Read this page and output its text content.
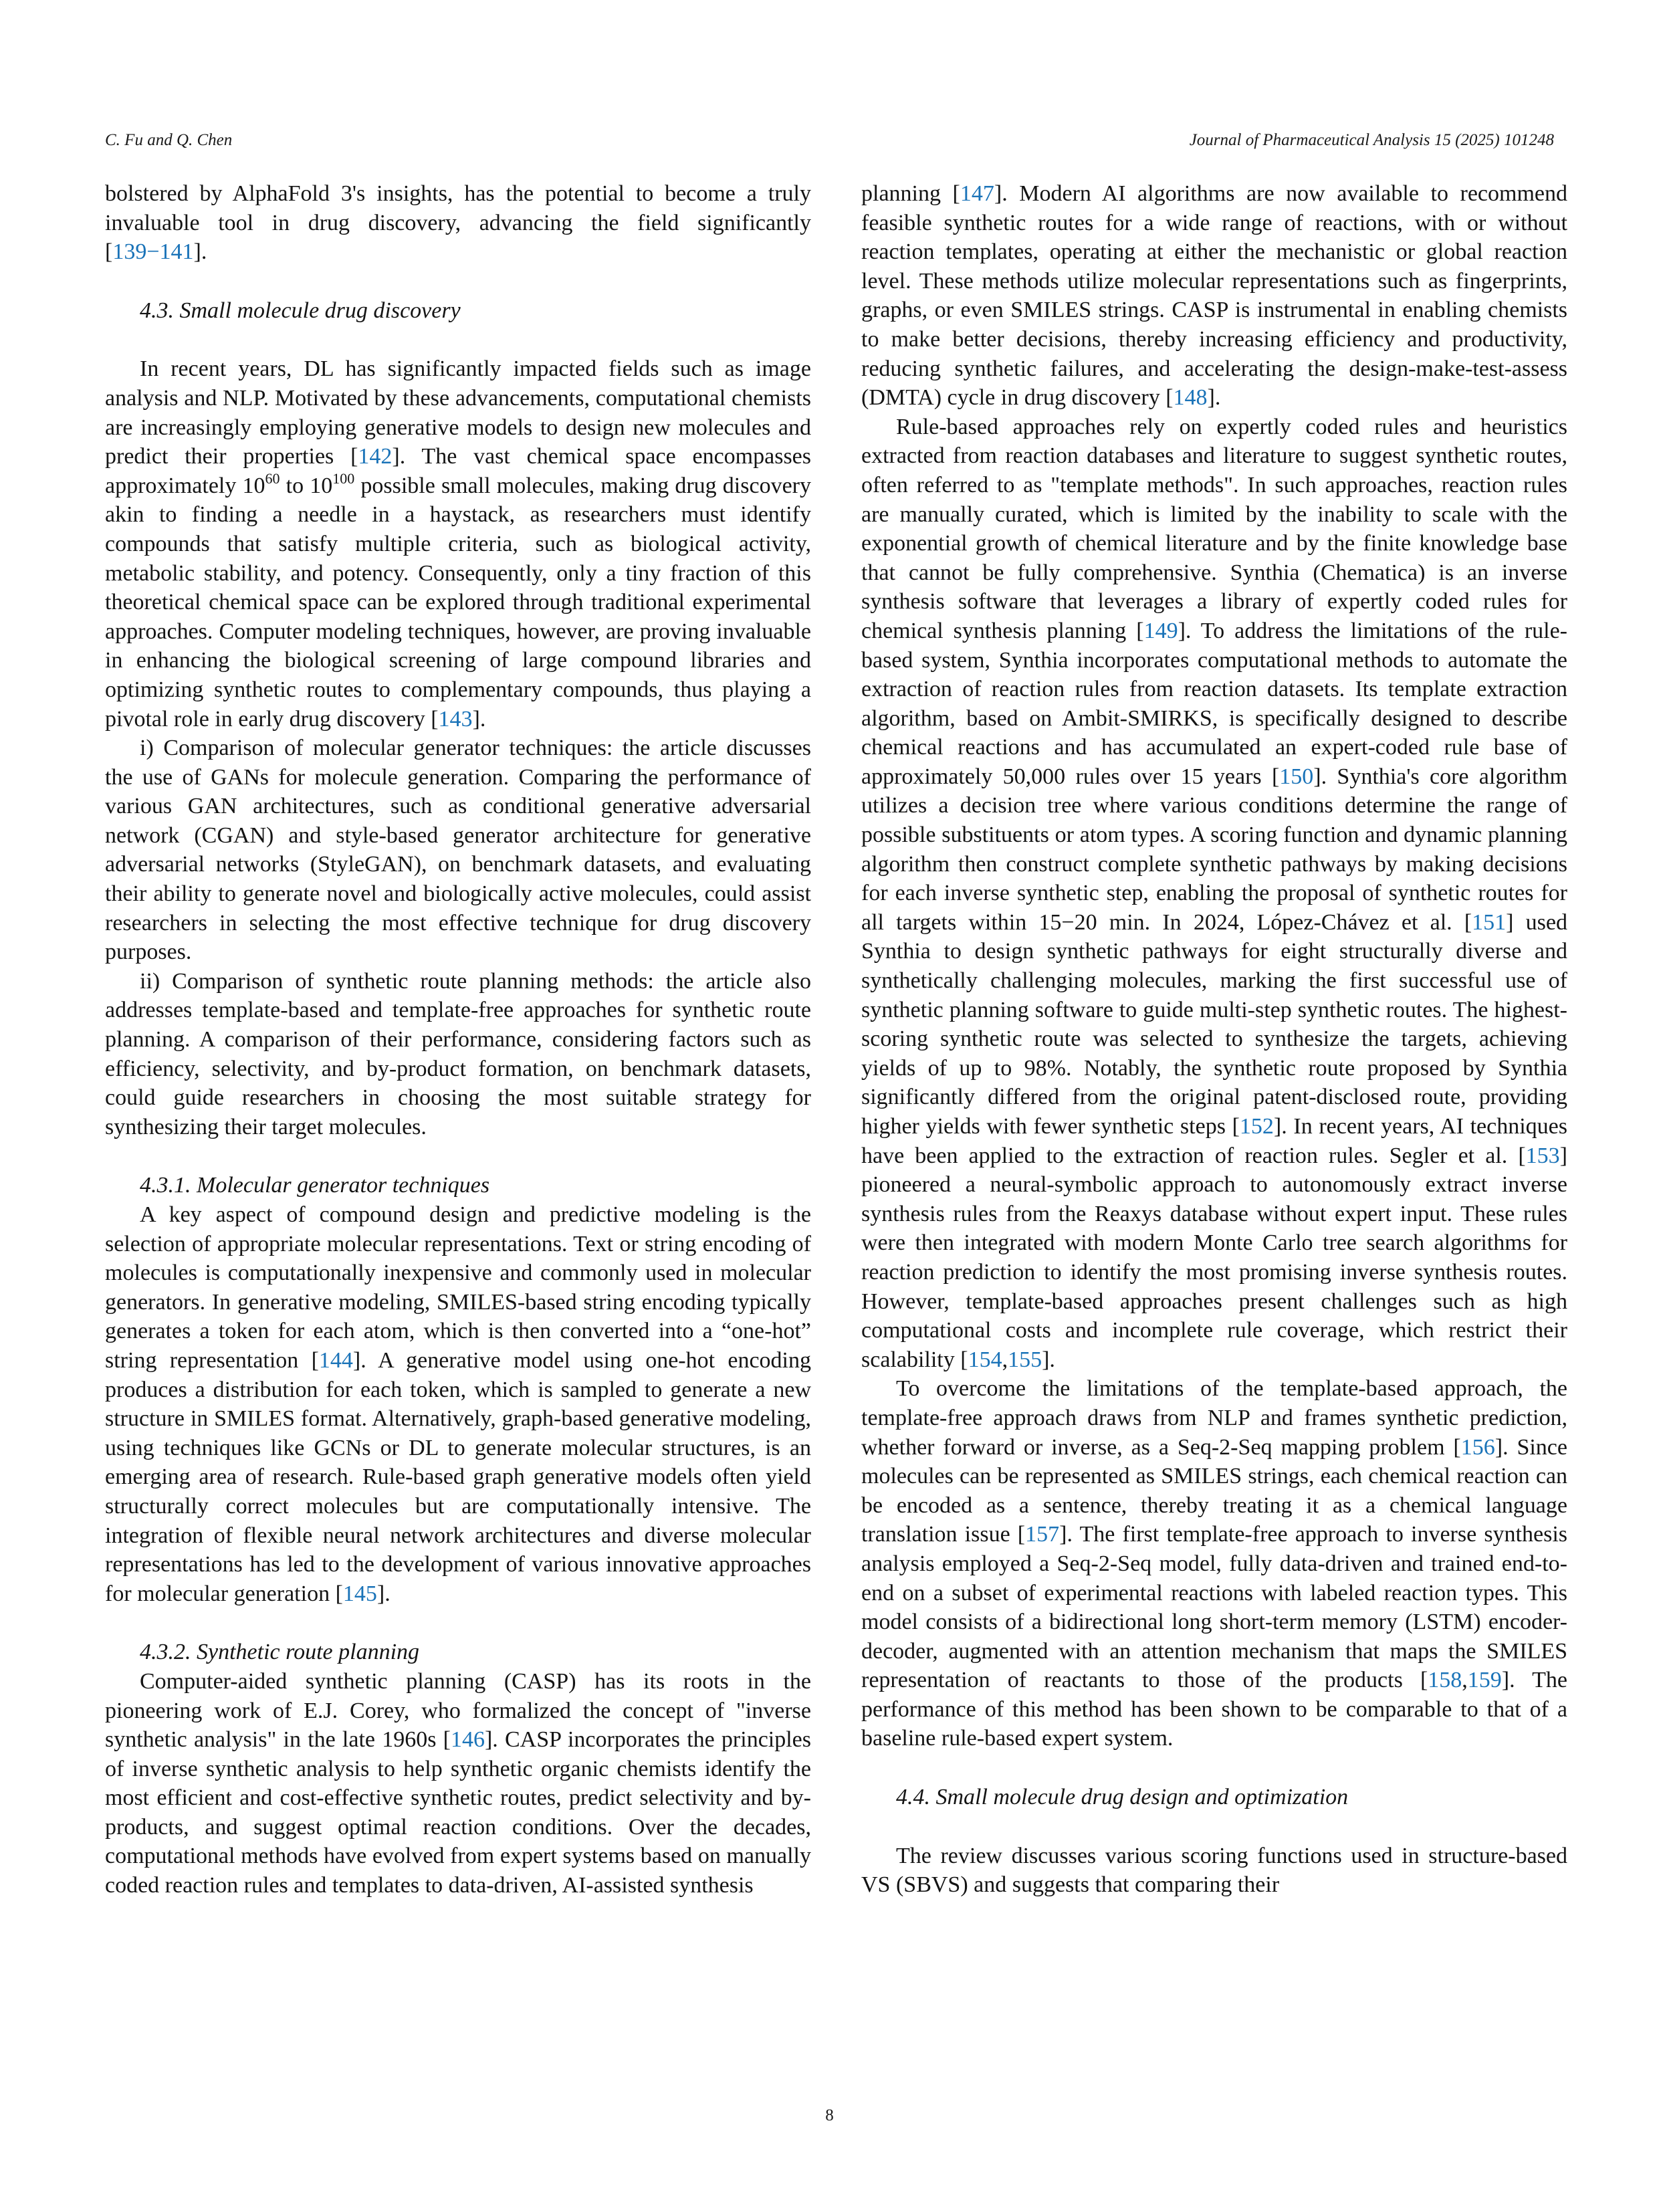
C. Fu and Q. Chen	Journal of Pharmaceutical Analysis 15 (2025) 101248

bolstered by AlphaFold 3's insights, has the potential to become a truly invaluable tool in drug discovery, advancing the field significantly [139−141].

4.3. Small molecule drug discovery

In recent years, DL has significantly impacted fields such as image analysis and NLP. Motivated by these advancements, computational chemists are increasingly employing generative models to design new molecules and predict their properties [142]. The vast chemical space encompasses approximately $10^{60}$ to $10^{100}$ possible small molecules, making drug discovery akin to finding a needle in a haystack, as researchers must identify compounds that satisfy multiple criteria, such as biological activity, metabolic stability, and potency. Consequently, only a tiny fraction of this theoretical chemical space can be explored through traditional experimental approaches. Computer modeling techniques, however, are proving invaluable in enhancing the biological screening of large compound libraries and optimizing synthetic routes to complementary compounds, thus playing a pivotal role in early drug discovery [143].

i) Comparison of molecular generator techniques: the article discusses the use of GANs for molecule generation. Comparing the performance of various GAN architectures, such as conditional generative adversarial network (CGAN) and style-based generator architecture for generative adversarial networks (StyleGAN), on benchmark datasets, and evaluating their ability to generate novel and biologically active molecules, could assist researchers in selecting the most effective technique for drug discovery purposes.

ii) Comparison of synthetic route planning methods: the article also addresses template-based and template-free approaches for synthetic route planning. A comparison of their performance, considering factors such as efficiency, selectivity, and by-product formation, on benchmark datasets, could guide researchers in choosing the most suitable strategy for synthesizing their target molecules.

4.3.1. Molecular generator techniques

A key aspect of compound design and predictive modeling is the selection of appropriate molecular representations. Text or string encoding of molecules is computationally inexpensive and commonly used in molecular generators. In generative modeling, SMILES-based string encoding typically generates a token for each atom, which is then converted into a “one-hot” string representation [144]. A generative model using one-hot encoding produces a distribution for each token, which is sampled to generate a new structure in SMILES format. Alternatively, graph-based generative modeling, using techniques like GCNs or DL to generate molecular structures, is an emerging area of research. Rule-based graph generative models often yield structurally correct molecules but are computationally intensive. The integration of flexible neural network architectures and diverse molecular representations has led to the development of various innovative approaches for molecular generation [145].

4.3.2. Synthetic route planning

Computer-aided synthetic planning (CASP) has its roots in the pioneering work of E.J. Corey, who formalized the concept of "inverse synthetic analysis" in the late 1960s [146]. CASP incorporates the principles of inverse synthetic analysis to help synthetic organic chemists identify the most efficient and cost-effective synthetic routes, predict selectivity and by-products, and suggest optimal reaction conditions. Over the decades, computational methods have evolved from expert systems based on manually coded reaction rules and templates to data-driven, AI-assisted synthesis

planning [147]. Modern AI algorithms are now available to recommend feasible synthetic routes for a wide range of reactions, with or without reaction templates, operating at either the mechanistic or global reaction level. These methods utilize molecular representations such as fingerprints, graphs, or even SMILES strings. CASP is instrumental in enabling chemists to make better decisions, thereby increasing efficiency and productivity, reducing synthetic failures, and accelerating the design-make-test-assess (DMTA) cycle in drug discovery [148].

Rule-based approaches rely on expertly coded rules and heuristics extracted from reaction databases and literature to suggest synthetic routes, often referred to as "template methods". In such approaches, reaction rules are manually curated, which is limited by the inability to scale with the exponential growth of chemical literature and by the finite knowledge base that cannot be fully comprehensive. Synthia (Chematica) is an inverse synthesis software that leverages a library of expertly coded rules for chemical synthesis planning [149]. To address the limitations of the rule-based system, Synthia incorporates computational methods to automate the extraction of reaction rules from reaction datasets. Its template extraction algorithm, based on Ambit-SMIRKS, is specifically designed to describe chemical reactions and has accumulated an expert-coded rule base of approximately 50,000 rules over 15 years [150]. Synthia's core algorithm utilizes a decision tree where various conditions determine the range of possible substituents or atom types. A scoring function and dynamic planning algorithm then construct complete synthetic pathways by making decisions for each inverse synthetic step, enabling the proposal of synthetic routes for all targets within 15−20 min. In 2024, López-Chávez et al. [151] used Synthia to design synthetic pathways for eight structurally diverse and synthetically challenging molecules, marking the first successful use of synthetic planning software to guide multi-step synthetic routes. The highest-scoring synthetic route was selected to synthesize the targets, achieving yields of up to 98%. Notably, the synthetic route proposed by Synthia significantly differed from the original patent-disclosed route, providing higher yields with fewer synthetic steps [152]. In recent years, AI techniques have been applied to the extraction of reaction rules. Segler et al. [153] pioneered a neural-symbolic approach to autonomously extract inverse synthesis rules from the Reaxys database without expert input. These rules were then integrated with modern Monte Carlo tree search algorithms for reaction prediction to identify the most promising inverse synthesis routes. However, template-based approaches present challenges such as high computational costs and incomplete rule coverage, which restrict their scalability [154,155].

To overcome the limitations of the template-based approach, the template-free approach draws from NLP and frames synthetic prediction, whether forward or inverse, as a Seq-2-Seq mapping problem [156]. Since molecules can be represented as SMILES strings, each chemical reaction can be encoded as a sentence, thereby treating it as a chemical language translation issue [157]. The first template-free approach to inverse synthesis analysis employed a Seq-2-Seq model, fully data-driven and trained end-to-end on a subset of experimental reactions with labeled reaction types. This model consists of a bidirectional long short-term memory (LSTM) encoder-decoder, augmented with an attention mechanism that maps the SMILES representation of reactants to those of the products [158,159]. The performance of this method has been shown to be comparable to that of a baseline rule-based expert system.

4.4. Small molecule drug design and optimization

The review discusses various scoring functions used in structure-based VS (SBVS) and suggests that comparing their

8
